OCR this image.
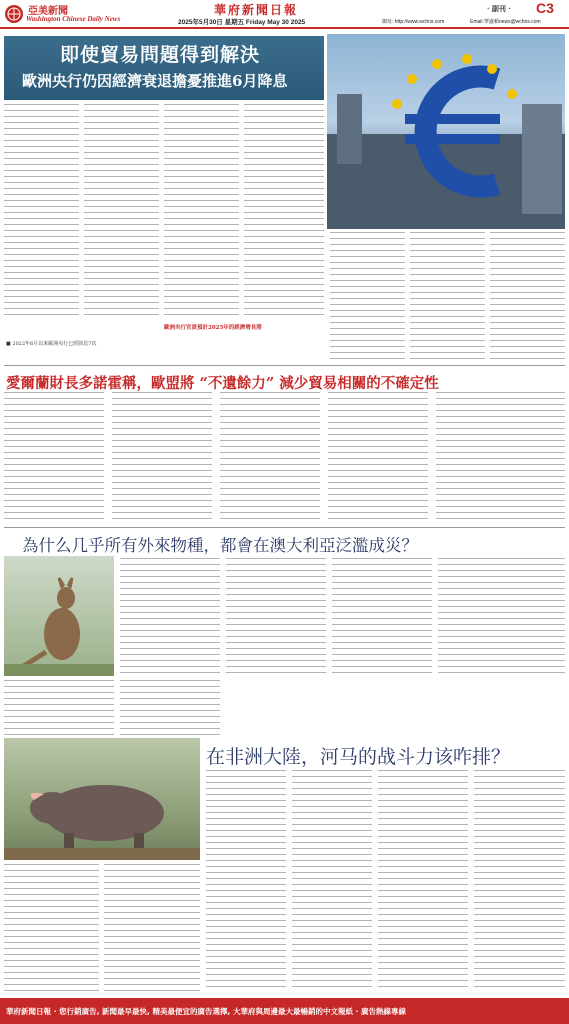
亞美新聞
Washington Chinese Daily News
華府新聞日報
2025年5月30日 星期五 Friday May 30 2025
· 副刊 · C3
網址: http://www.wchns.com	Email:華盛頓news@wchns.com
即使貿易問題得到解決
歐洲央行仍因經濟衰退擔憂推進6月降息
歐洲央行官員預計2025年的經濟增長將
■ 2022年6月以來歐洲央行已經降息7次
愛爾蘭財長多諾霍稱，歐盟將 “不遺餘力” 減少貿易相關的不確定性
為什么几乎所有外來物種，都會在澳大利亞泛濫成災？
在非洲大陸，河马的战斗力该咋排？
華府新聞日報 · 您行銷廣告, 新聞最早最快, 精美最便宜的廣告選擇, 大華府與周邊最大最暢銷的中文報紙 · 廣告熱線專線
